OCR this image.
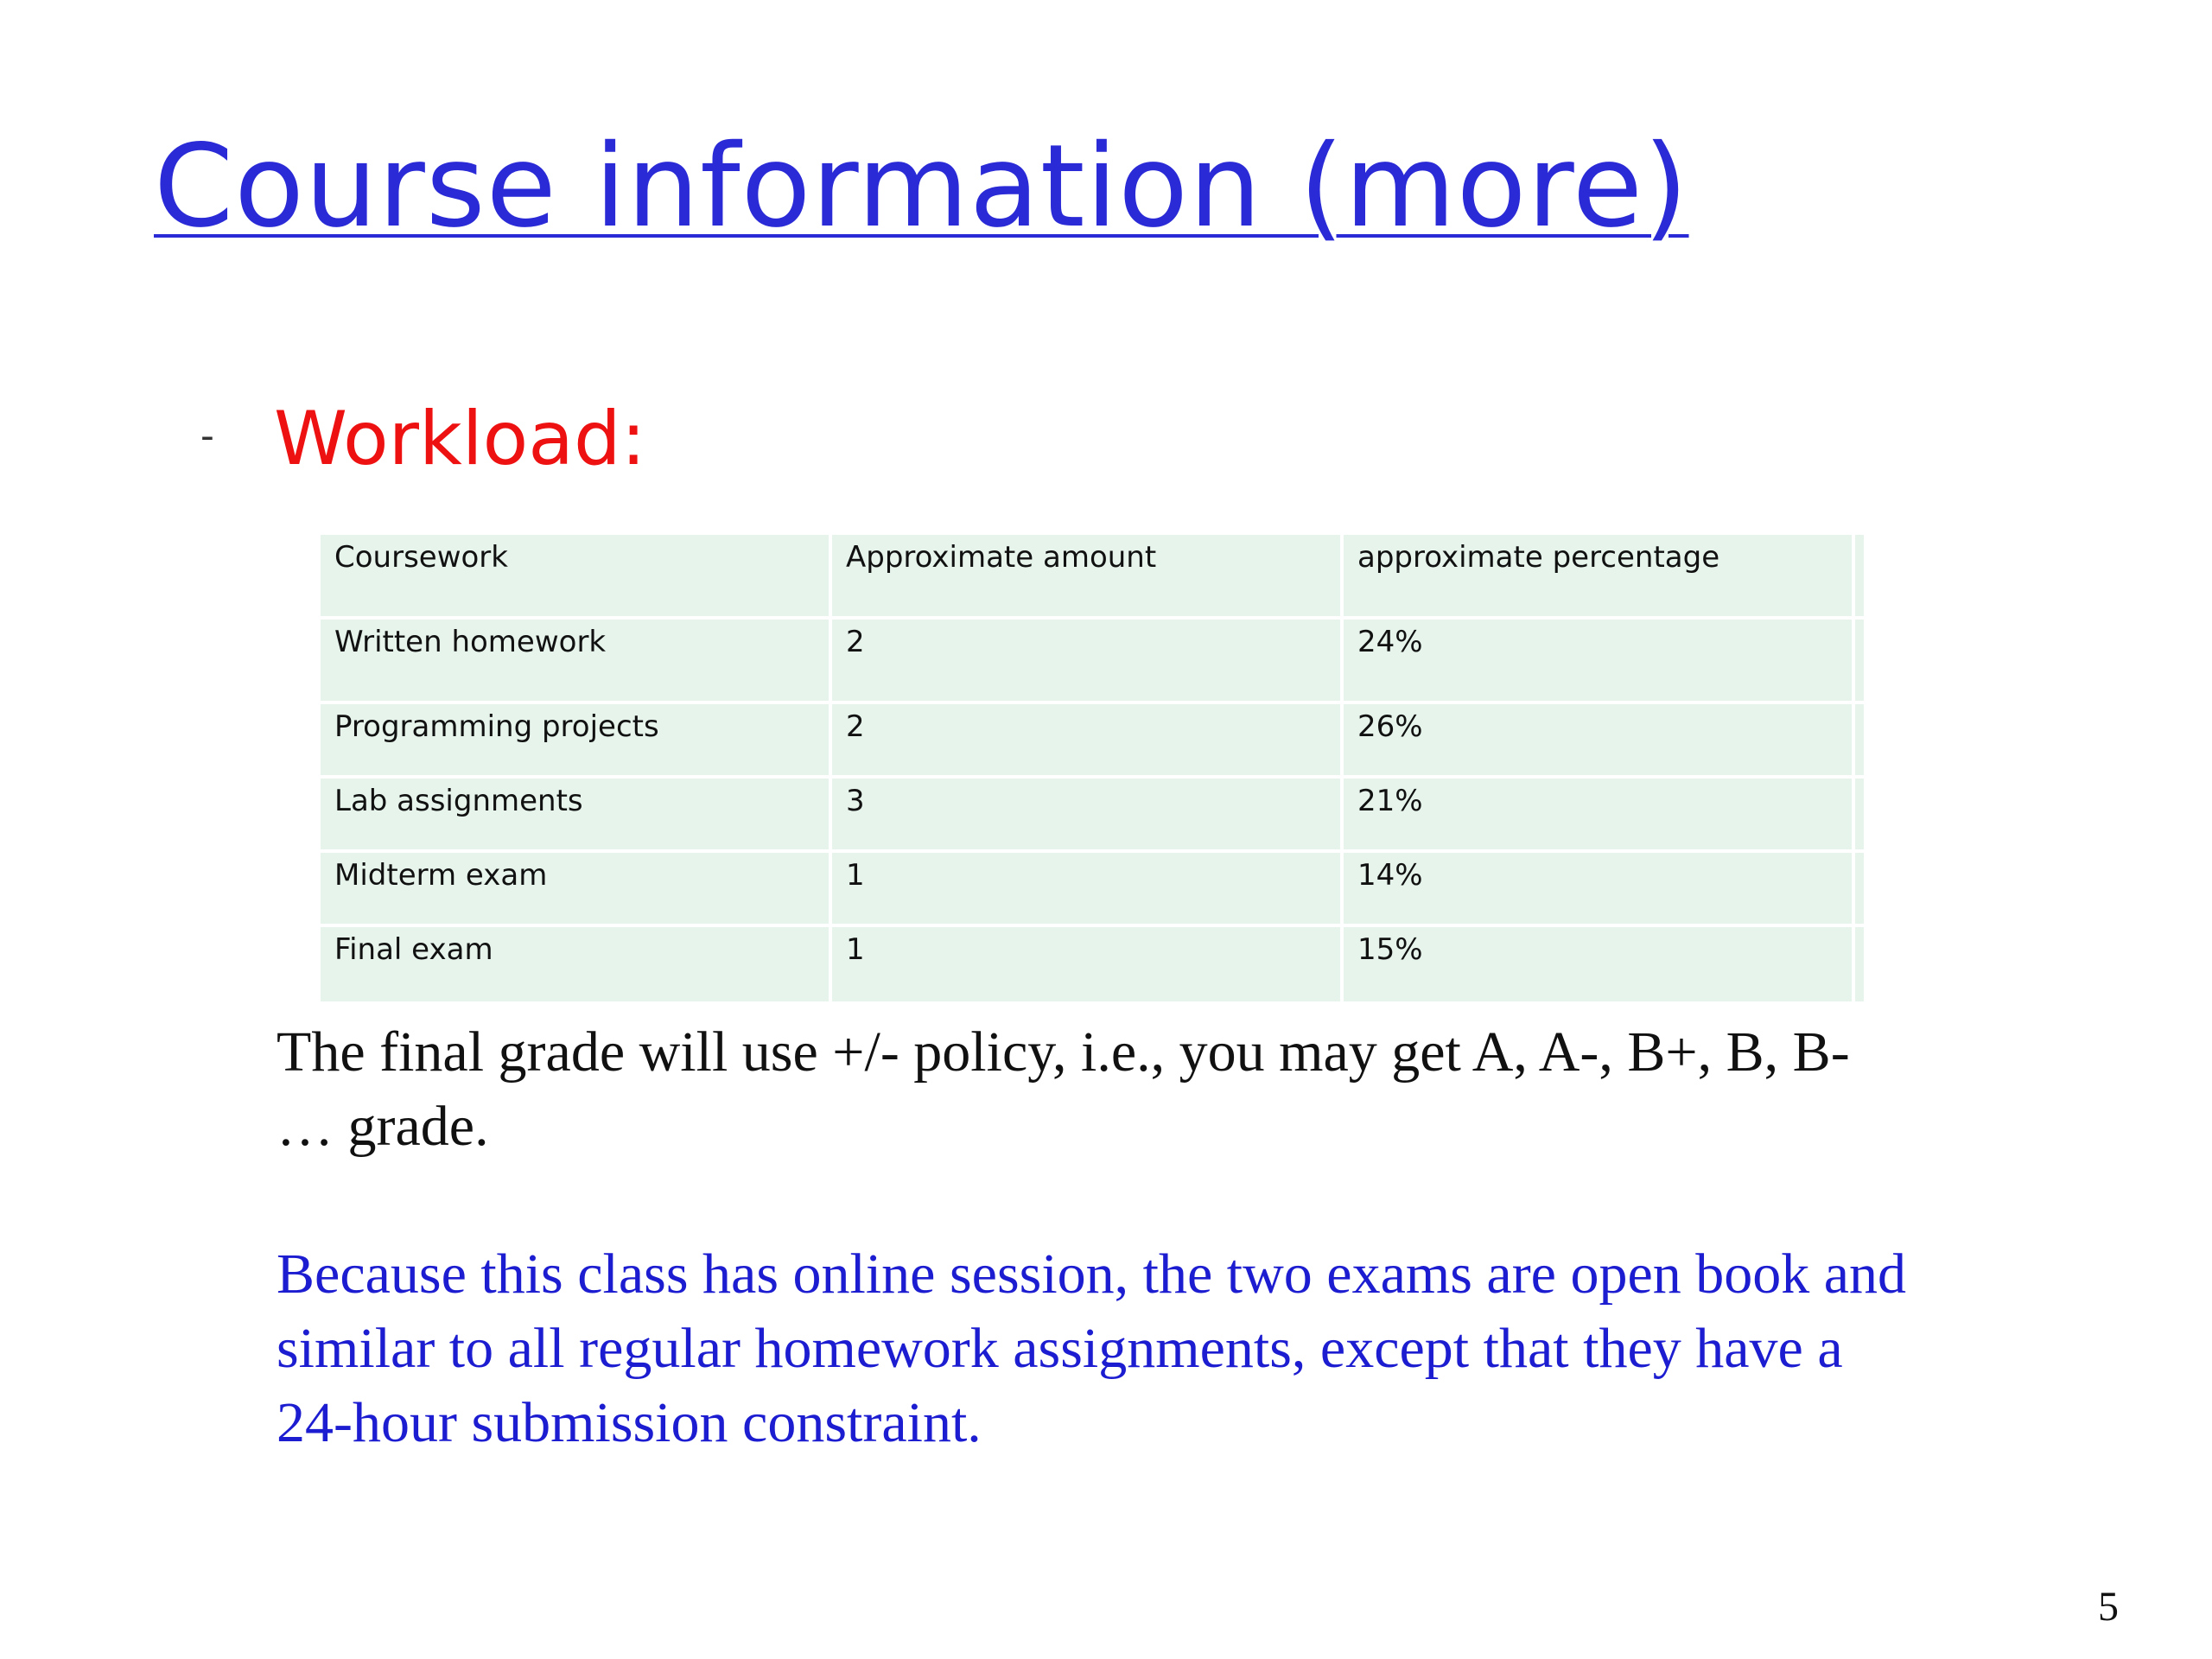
Course information (more)
- Workload:
Coursework	Approximate amount	approximate percentage	
Written homework	2	24%	
Programming projects	2	26%	
Lab assignments	3	21%	
Midterm exam	1	14%	
Final exam	1	15%	

The final grade will use +/- policy, i.e., you may get A, A-, B+, B, B- … grade.

Because this class has online session, the two exams are open book and similar to all regular homework assignments, except that they have a 24-hour submission constraint.

5
